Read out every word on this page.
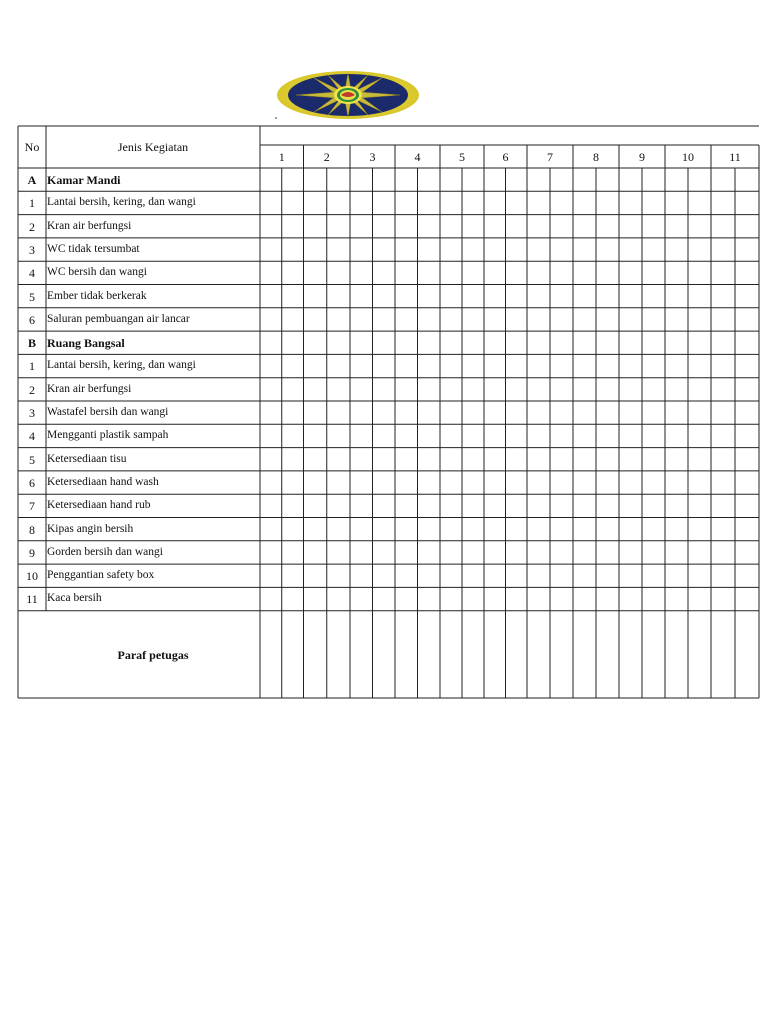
No	Jenis Kegiatan
1	2	3	4	5	6	7	8	9	10	11
A Kamar Mandi
1	Lantai bersih, kering, dan wangi
2	Kran air berfungsi
3	WC tidak tersumbat
4	WC bersih dan wangi
5	Ember tidak berkerak
6	Saluran pembuangan air lancar
B Ruang Bangsal
1	Lantai bersih, kering, dan wangi
2	Kran air berfungsi
3	Wastafel bersih dan wangi
4	Mengganti plastik sampah
5	Ketersediaan tisu
6	Ketersediaan hand wash
7	Ketersediaan hand rub
8	Kipas angin bersih
9	Gorden bersih dan wangi
10 Penggantian safety box
11 Kaca bersih
Paraf petugas
